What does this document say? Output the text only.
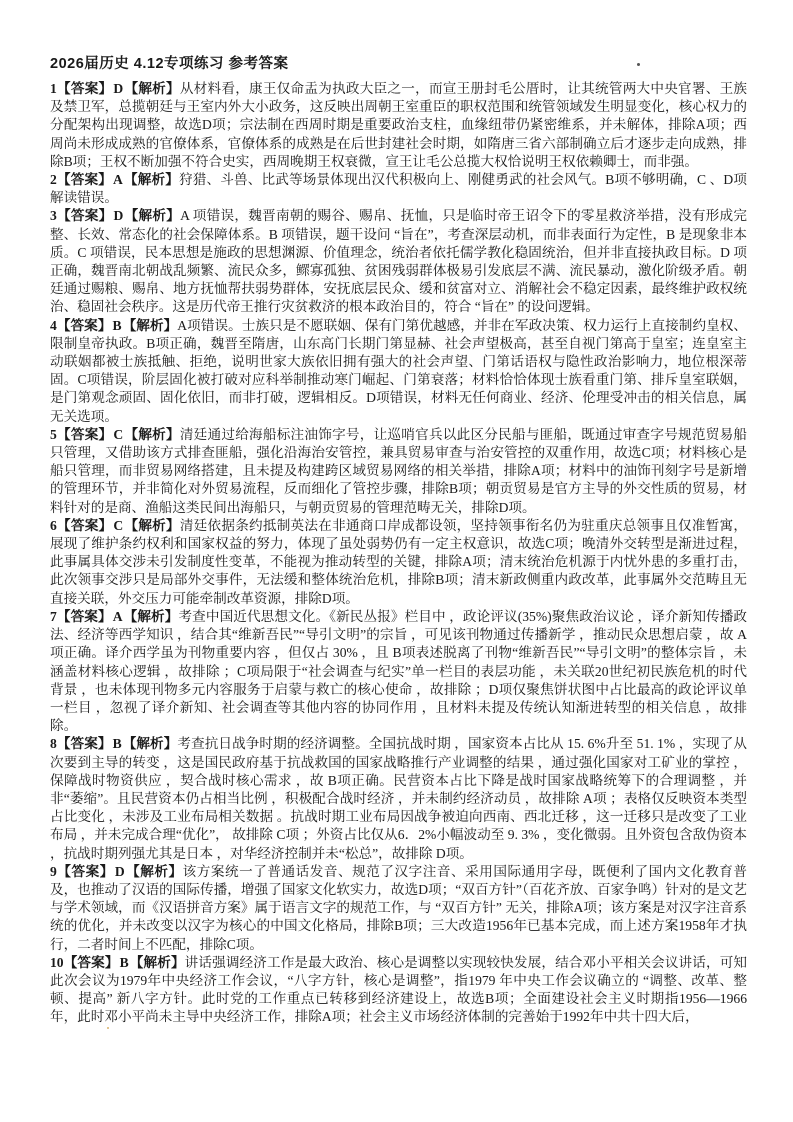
2026届历史 4.12专项练习 参考答案

1【答案】D【解析】从材料看，康王仅命盂为执政大臣之一，而宣王册封毛公厝时，让其统管两大中央官署、王族及禁卫军，总揽朝廷与王室内外大小政务，这反映出周朝王室重臣的职权范围和统管领域发生明显变化，核心权力的分配架构出现调整，故选D项；宗法制在西周时期是重要政治支柱，血缘纽带仍紧密维系，并未解体，排除A项；西周尚未形成成熟的官僚体系，官僚体系的成熟是在后世封建社会时期，如隋唐三省六部制确立后才逐步走向成熟，排除B项；王权不断加强不符合史实，西周晚期王权衰微，宣王让毛公总揽大权恰说明王权依赖卿士，而非强。

2【答案】A【解析】狩猎、斗兽、比武等场景体现出汉代积极向上、刚健勇武的社会风气。B项不够明确，C 、D项解读错误。

3【答案】D【解析】A 项错误，魏晋南朝的赐谷、赐帛、抚恤，只是临时帝王诏令下的零星救济举措，没有形成完整、长效、常态化的社会保障体系。B 项错误，题干设问 “旨在”，考查深层动机，而非表面行为定性，B 是现象非本质。C 项错误，民本思想是施政的思想渊源、价值理念，统治者依托儒学教化稳固统治，但并非直接执政目标。D 项正确，魏晋南北朝战乱频繁、流民众多，鳏寡孤独、贫困残弱群体极易引发底层不满、流民暴动，激化阶级矛盾。朝廷通过赐粮、赐帛、地方抚恤帮扶弱势群体，安抚底层民众、缓和贫富对立、消解社会不稳定因素，最终维护政权统治、稳固社会秩序。这是历代帝王推行灾贫救济的根本政治目的，符合 “旨在” 的设问逻辑。

4【答案】B【解析】A项错误。士族只是不愿联姻、保有门第优越感，并非在军政决策、权力运行上直接制约皇权、限制皇帝执政。B项正确，魏晋至隋唐，山东高门长期门第显赫、社会声望极高，甚至自视门第高于皇室；连皇室主动联姻都被士族抵触、拒绝，说明世家大族依旧拥有强大的社会声望、门第话语权与隐性政治影响力，地位根深蒂固。C项错误，阶层固化被打破对应科举制推动寒门崛起、门第衰落；材料恰恰体现士族看重门第、排斥皇室联姻，是门第观念顽固、固化依旧，而非打破，逻辑相反。D项错误，材料无任何商业、经济、伦理受冲击的相关信息，属无关选项。

5【答案】C【解析】清廷通过给海船标注油饰字号，让巡哨官兵以此区分民船与匪船，既通过审查字号规范贸易船只管理，又借助该方式排查匪船，强化沿海治安管控，兼具贸易审查与治安管控的双重作用，故选C项；材料核心是船只管理，而非贸易网络搭建，且未提及构建跨区域贸易网络的相关举措，排除A项；材料中的油饰刊刻字号是新增的管理环节，并非简化对外贸易流程，反而细化了管控步骤，排除B项；朝贡贸易是官方主导的外交性质的贸易，材料针对的是商、渔船这类民间出海船只，与朝贡贸易的管理范畴无关，排除D项。

6【答案】C【解析】清廷依据条约抵制英法在非通商口岸成都设领，坚持领事衔名仍为驻重庆总领事且仅准暂寓，展现了维护条约权利和国家权益的努力，体现了虽处弱势仍有一定主权意识，故选C项；晚清外交转型是渐进过程，此事属具体交涉未引发制度性变革，不能视为推动转型的关键，排除A项；清末统治危机源于内忧外患的多重打击，此次领事交涉只是局部外交事件，无法缓和整体统治危机，排除B项；清末新政侧重内政改革，此事属外交范畴且无直接关联，外交压力可能牵制改革资源，排除D项。

7【答案】A【解析】考查中国近代思想文化。《新民丛报》栏目中 ，政论评议(35%)聚焦政治议论 ，译介新知传播政法、经济等西学知识 ，结合其“维新吾民”“导引文明”的宗旨 ，可见该刊物通过传播新学 ，推动民众思想启蒙 ，故 A项正确。译介西学虽为刊物重要内容 ，但仅占 30% ，且 B项表述脱离了刊物“维新吾民”“导引文明”的整体宗旨 ，未涵盖材料核心逻辑 ，故排除 ；C项局限于“社会调查与纪实”单一栏目的表层功能 ，未关联20世纪初民族危机的时代背景 ，也未体现刊物多元内容服务于启蒙与救亡的核心使命 ，故排除 ；D项仅聚焦饼状图中占比最高的政论评议单一栏目 ，忽视了译介新知、社会调查等其他内容的协同作用 ，且材料未提及传统认知渐进转型的相关信息 ，故排除。

8【答案】B【解析】考查抗日战争时期的经济调整。全国抗战时期 ，国家资本占比从 15. 6%升至 51. 1% ，实现了从次要到主导的转变 ，这是国民政府基于抗战救国的国家战略推行产业调整的结果 ，通过强化国家对工矿业的掌控 ，保障战时物资供应 ，契合战时核心需求 ，故 B项正确。民营资本占比下降是战时国家战略统筹下的合理调整 ，并非“萎缩”。且民营资本仍占相当比例 ，积极配合战时经济 ，并未制约经济动员 ，故排除 A项 ；表格仅反映资本类型占比变化 ，未涉及工业布局相关数据 。抗战时期工业布局因战争被迫向西南、西北迁移 ，这一迁移只是改变了工业布局 ，并未完成合理“优化”， 故排除 C项 ；外资占比仅从6．2%小幅波动至 9. 3% ，变化微弱。且外资包含敌伪资本 ，抗战时期列强尤其是日本 ，对华经济控制并未“松总”，故排除 D项。

9【答案】D【解析】该方案统一了普通话发音、规范了汉字注音、采用国际通用字母，既便利了国内文化教育普及，也推动了汉语的国际传播，增强了国家文化软实力，故选D项；“双百方针”（百花齐放、百家争鸣）针对的是文艺与学术领域，而《汉语拼音方案》属于语言文字的规范工作，与 “双百方针” 无关，排除A项；该方案是对汉字注音系统的优化，并未改变以汉字为核心的中国文化格局，排除B项；三大改造1956年已基本完成，而上述方案1958年才执行，二者时间上不匹配，排除C项。

10【答案】B【解析】讲话强调经济工作是最大政治、核心是调整以实现较快发展，结合邓小平相关会议讲话，可知此次会议为1979年中央经济工作会议，“八字方针，核心是调整”，指1979 年中央工作会议确立的 “调整、改革、整顿、提高” 新八字方针。此时党的工作重点已转移到经济建设上，故选B项；全面建设社会主义时期指1956—1966年，此时邓小平尚未主导中央经济工作，排除A项；社会主义市场经济体制的完善始于1992年中共十四大后，
